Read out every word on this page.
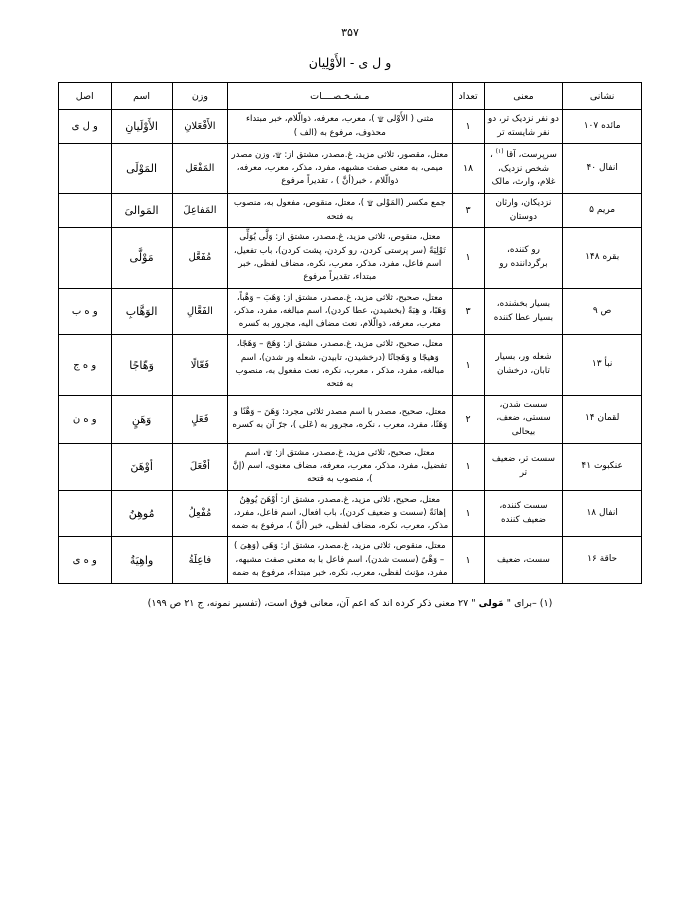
۳۵۷
و ل ی - الأَوْلِیان
نشانی	معنی	تعداد	مـشـخـصــــات	وزن	اسم	اصل
مائده ۱۰۷	دو نفر نزدیک تر، دو نفر شایسته تر	۱	مثنی ( الأَوْلی ۩ )، معرب، معرفه، ذوالّلام، خبر مبتداء محذوف، مرفوع به (الف )	الأَفْعَلانِ	الأَوْلَیانِ	و ل ی
انفال ۴۰	سرپرست، آقا $^{(۱)}$ ، شخص نزدیک، غلام، وارث، مالک	۱۸	معتل، مقصور، ثلاثی مزید، غ.مصدر، مشتق از: ۩، وزن مصدر میمی، به معنی صفت مشبهه، مفرد، مذکر، معرب، معرفه، ذوالّلام ، خبر(أنَّ ) ، تقدیراً مرفوع	المَفْعَل	المَوْلَی	
مریم ۵	نزدیکان، وارثان دوستان	۳	جمع مکسر (المَوْلی ۩ )، معتل، منقوص، مفعول به، منصوب به فتحه	المَفاعِلَ	المَوالیَ	
بقره ۱۴۸	رو کننده، برگرداننده رو	۱	معتل، منقوص، ثلاثی مزید، غ.مصدر، مشتق از: وَلَّی یُوَلِّی تَوْلِیَةً (سر پرستی کردن، رو کردن، پشت کردن)، باب تفعیل، اسم فاعل، مفرد، مذکر، معرب، نکره، مضاف لفظی، خبر مبتداء، تقدیراً مرفوع	مُفَعَّل	مَوْلَّی	
ص ۹	بسیار بخشنده، بسیار عطا کننده	۳	معتل، صحیح، ثلاثی مزید، غ.مصدر، مشتق از: وَهَبَ – وَهْباً، وَهَبًا، و هِبَةً (بخشیدن، عطا کردن)، اسم مبالغه، مفرد، مذکر، معرب، معرفه، ذوالّلام، نعت مضاف الیه، مجرور به کسره	الفَعَّالِ	الوَهَّابِ	و ه ب
نبأ ۱۳	شعله ور، بسیار تابان، درخشان	۱	معتل، صحیح، ثلاثی مزید، غ.مصدر، مشتق از: وَهَجَ – وَهَجًا، وَهیجًا و وَهَجانًا (درخشیدن، تابیدن، شعله ور شدن)، اسم مبالغه، مفرد، مذکر ، معرب، نکره، نعت مفعول به، منصوب به فتحه	فَعّالًا	وَهّاجًا	و ه ج
لقمان ۱۴	سست شدن، سستی، ضعف، بیحالی	۲	معتل، صحیح، مصدر با اسم مصدر ثلاثی مجرد: وَهَنَ – وَهْنًا و وَهَنًا، مفرد، معرب ، نکره، مجرور به (عَلی )، جرّ آن به کسره	فَعَلٍ	وَهَنٍ	و ه ن
عنکبوت ۴۱	سست تر، ضعیف تر	۱	معتل، صحیح، ثلاثی مزید، غ.مصدر، مشتق از: ۩، اسم تفضیل، مفرد، مذکر، معرب، معرفه، مضاف معنوی، اسم (إنَّ )، منصوب به فتحه	أفْعَلَ	أوْهَنَ	
انفال ۱۸	سست کننده، ضعیف کننده	۱	معتل، صحیح، ثلاثی مزید، غ.مصدر، مشتق از: أوْهَنَ یُوهِنُ إهانَةً (سست و ضعیف کردن)، باب افعال، اسم فاعل، مفرد، مذکر، معرب، نکره، مضاف لفظی، خبر (أنَّ )، مرفوع به ضمه	مُفْعِلُ	مُوهِنُ	
حاقة ۱۶	سست، ضعیف	۱	معتل، منقوص، ثلاثی مزید، غ.مصدر، مشتق از: وَهَی (وَهِیَ ) – وَهْیً (سست شدن)، اسم فاعل با به معنی صفت مشبهه، مفرد، مؤنث لفظی، معرب، نکره، خبر مبتداء، مرفوع به ضمه	فاعِلَةُ	واهِیَةُ	و ه ی
(۱) –برای " مَولی " ۲۷ معنی ذکر کرده اند که اعم آن، معانی فوق است، (تفسیر نمونه، ج ۲۱ ص ۱۹۹)
